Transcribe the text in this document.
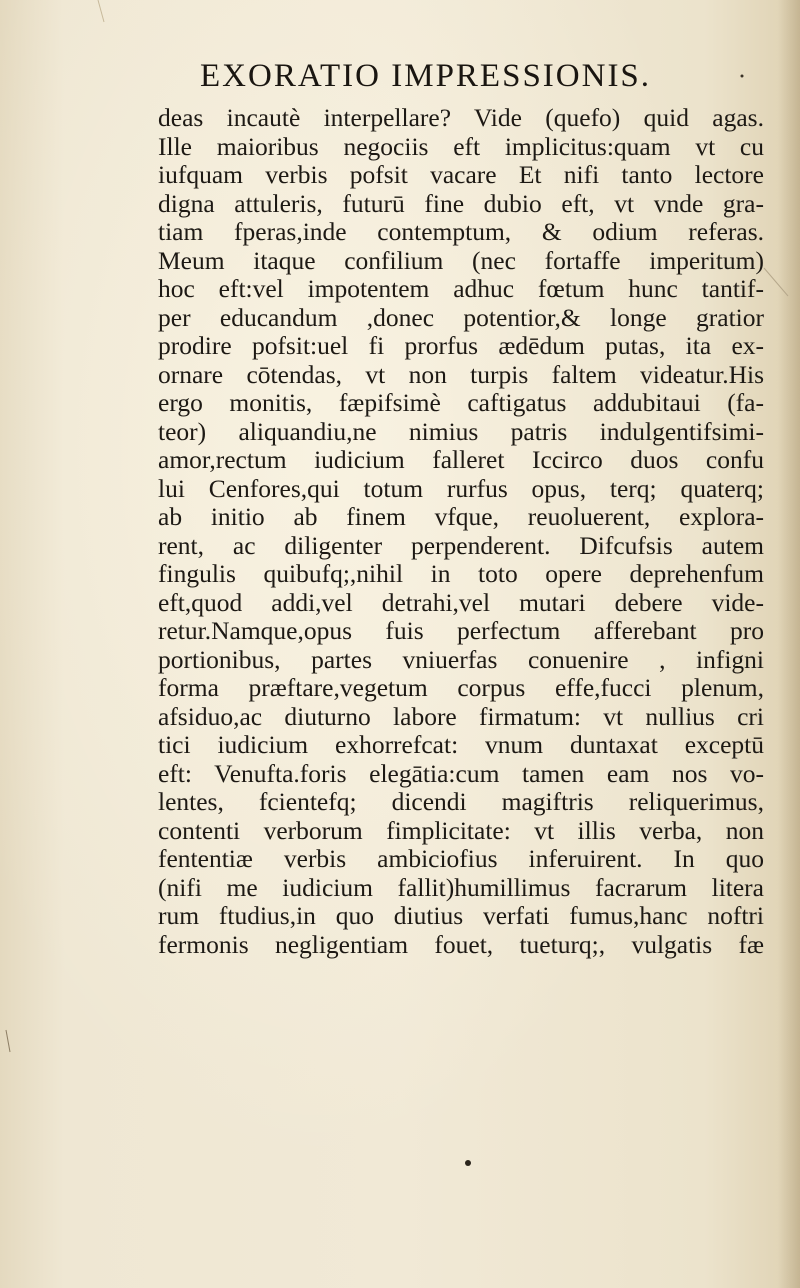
EXORATIO IMPRESSIONIS.
deas incautè interpellare? Vide (quefo) quid agas.
Ille maioribus negociis eft implicitus:quam vt cu
iufquam verbis pofsit vacare Et nifi tanto lectore
digna attuleris, futurū fine dubio eft, vt vnde gra-
tiam fperas,inde contemptum, & odium referas.
Meum itaque confilium (nec fortaffe imperitum)
hoc eft:vel impotentem adhuc fœtum hunc tantif-
per educandum ,donec potentior,& longe gratior
prodire pofsit:uel fi prorfus ædēdum putas, ita ex-
ornare cōtendas, vt non turpis faltem videatur.His
ergo monitis, fæpifsimè caftigatus addubitaui (fa-
teor) aliquandiu,ne nimius patris indulgentifsimi-
amor,rectum iudicium falleret Iccirco duos confu
lui Cenfores,qui totum rurfus opus, terq; quaterq;
ab initio ab finem vfque, reuoluerent, explora-
rent, ac diligenter perpenderent. Difcufsis autem
fingulis quibufq;,nihil in toto opere deprehenfum
eft,quod addi,vel detrahi,vel mutari debere vide-
retur.Namque,opus fuis perfectum afferebant pro
portionibus, partes vniuerfas conuenire , infigni
forma præftare,vegetum corpus effe,fucci plenum,
afsiduo,ac diuturno labore firmatum: vt nullius cri
tici iudicium exhorrefcat: vnum duntaxat exceptū
eft: Venufta.foris elegātia:cum tamen eam nos vo-
lentes, fcientefq; dicendi magiftris reliquerimus,
contenti verborum fimplicitate: vt illis verba, non
fententiæ verbis ambiciofius inferuirent. In quo
(nifi me iudicium fallit)humillimus facrarum litera
rum ftudius,in quo diutius verfati fumus,hanc noftri
fermonis negligentiam fouet, tueturq;, vulgatis fæ
